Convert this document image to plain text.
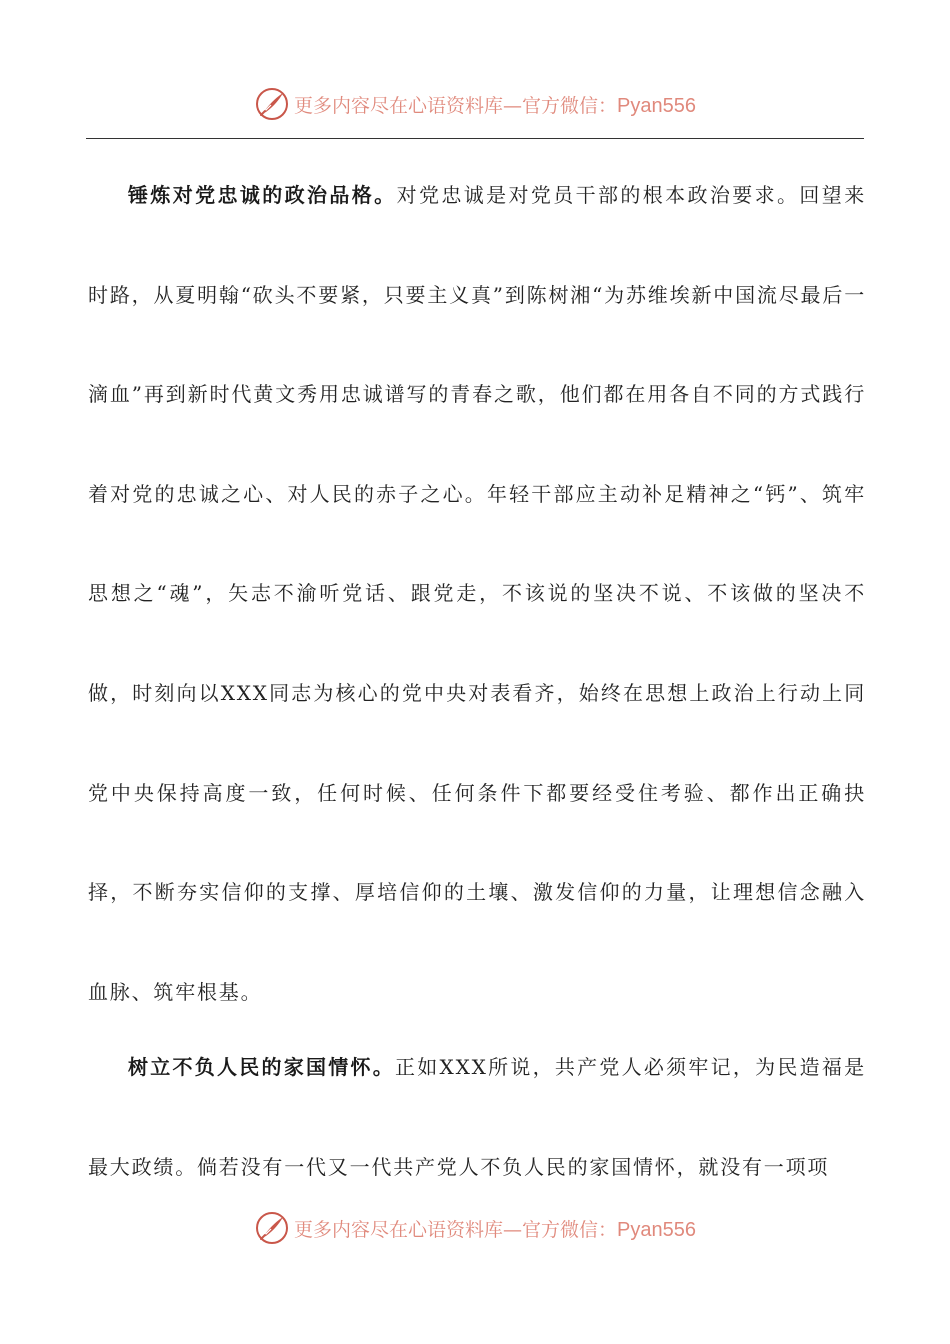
更多内容尽在心语资料库—官方微信：Pyan556

锤炼对党忠诚的政治品格。对党忠诚是对党员干部的根本政治要求。回望来时路，从夏明翰“砍头不要紧，只要主义真”到陈树湘“为苏维埃新中国流尽最后一滴血”再到新时代黄文秀用忠诚谱写的青春之歌，他们都在用各自不同的方式践行着对党的忠诚之心、对人民的赤子之心。年轻干部应主动补足精神之“钙”、筑牢思想之“魂”，矢志不渝听党话、跟党走，不该说的坚决不说、不该做的坚决不做，时刻向以XXX同志为核心的党中央对表看齐，始终在思想上政治上行动上同党中央保持高度一致，任何时候、任何条件下都要经受住考验、都作出正确抉择，不断夯实信仰的支撑、厚培信仰的土壤、激发信仰的力量，让理想信念融入血脉、筑牢根基。

树立不负人民的家国情怀。正如XXX所说，共产党人必须牢记，为民造福是最大政绩。倘若没有一代又一代共产党人不负人民的家国情怀，就没有一项项

更多内容尽在心语资料库—官方微信：Pyan556
